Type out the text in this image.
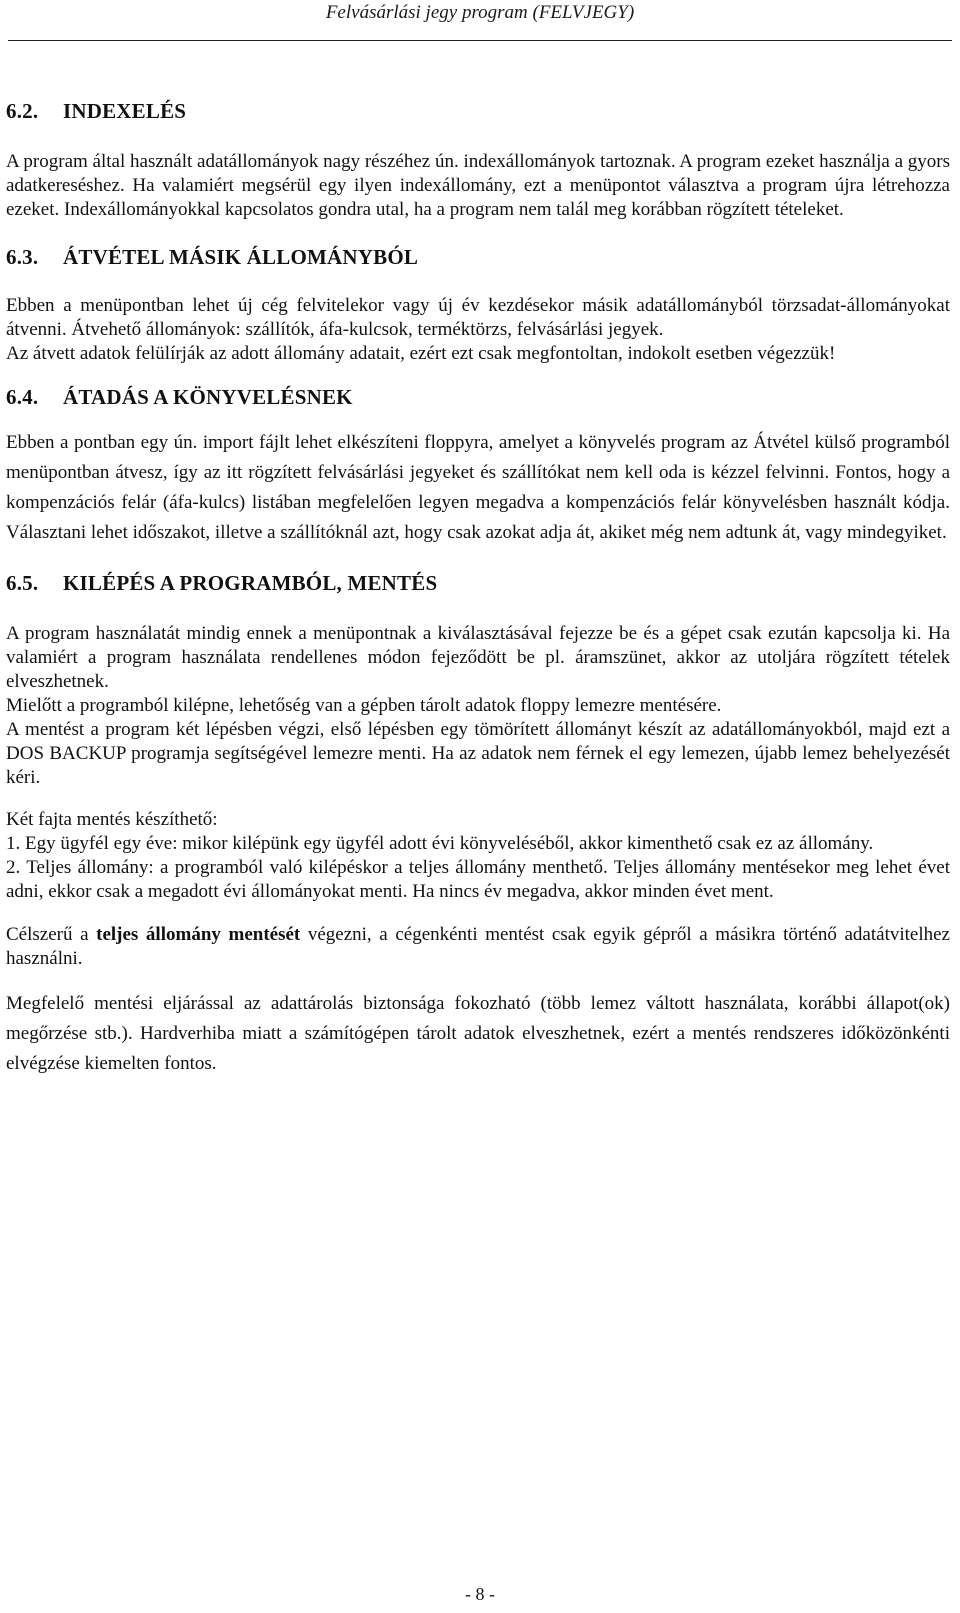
Felvásárlási jegy program (FELVJEGY)
6.2. INDEXELÉS

A program által használt adatállományok nagy részéhez ún. indexállományok tartoznak. A program ezeket használja a gyors adatkereséshez. Ha valamiért megsérül egy ilyen indexállomány, ezt a menüpontot választva a program újra létrehozza ezeket. Indexállományokkal kapcsolatos gondra utal, ha a program nem talál meg korábban rögzített tételeket.

6.3. ÁTVÉTEL MÁSIK ÁLLOMÁNYBÓL

Ebben a menüpontban lehet új cég felvitelekor vagy új év kezdésekor másik adatállományból törzsadat-állományokat átvenni. Átvehető állományok: szállítók, áfa-kulcsok, terméktörzs, felvásárlási jegyek.

Az átvett adatok felülírják az adott állomány adatait, ezért ezt csak megfontoltan, indokolt esetben végezzük!

6.4. ÁTADÁS A KÖNYVELÉSNEK

Ebben a pontban egy ún. import fájlt lehet elkészíteni floppyra, amelyet a könyvelés program az Átvétel külső programból menüpontban átvesz, így az itt rögzített felvásárlási jegyeket és szállítókat nem kell oda is kézzel felvinni. Fontos, hogy a kompenzációs felár (áfa-kulcs) listában megfelelően legyen megadva a kompenzációs felár könyvelésben használt kódja. Választani lehet időszakot, illetve a szállítóknál azt, hogy csak azokat adja át, akiket még nem adtunk át, vagy mindegyiket.

6.5. KILÉPÉS A PROGRAMBÓL, MENTÉS

A program használatát mindig ennek a menüpontnak a kiválasztásával fejezze be és a gépet csak ezután kapcsolja ki. Ha valamiért a program használata rendellenes módon fejeződött be pl. áramszünet, akkor az utoljára rögzített tételek elveszhetnek.

Mielőtt a programból kilépne, lehetőség van a gépben tárolt adatok floppy lemezre mentésére.

A mentést a program két lépésben végzi, első lépésben egy tömörített állományt készít az adatállományokból, majd ezt a DOS BACKUP programja segítségével lemezre menti. Ha az adatok nem férnek el egy lemezen, újabb lemez behelyezését kéri.

Két fajta mentés készíthető:

1. Egy ügyfél egy éve: mikor kilépünk egy ügyfél adott évi könyveléséből, akkor kimenthető csak ez az állomány.

2. Teljes állomány: a programból való kilépéskor a teljes állomány menthető. Teljes állomány mentésekor meg lehet évet adni, ekkor csak a megadott évi állományokat menti. Ha nincs év megadva, akkor minden évet ment.

Célszerű a teljes állomány mentését végezni, a cégenkénti mentést csak egyik gépről a másikra történő adatátvitelhez használni.

Megfelelő mentési eljárással az adattárolás biztonsága fokozható (több lemez váltott használata, korábbi állapot(ok) megőrzése stb.). Hardverhiba miatt a számítógépen tárolt adatok elveszhetnek, ezért a mentés rendszeres időközönkénti elvégzése kiemelten fontos.

- 8 -
